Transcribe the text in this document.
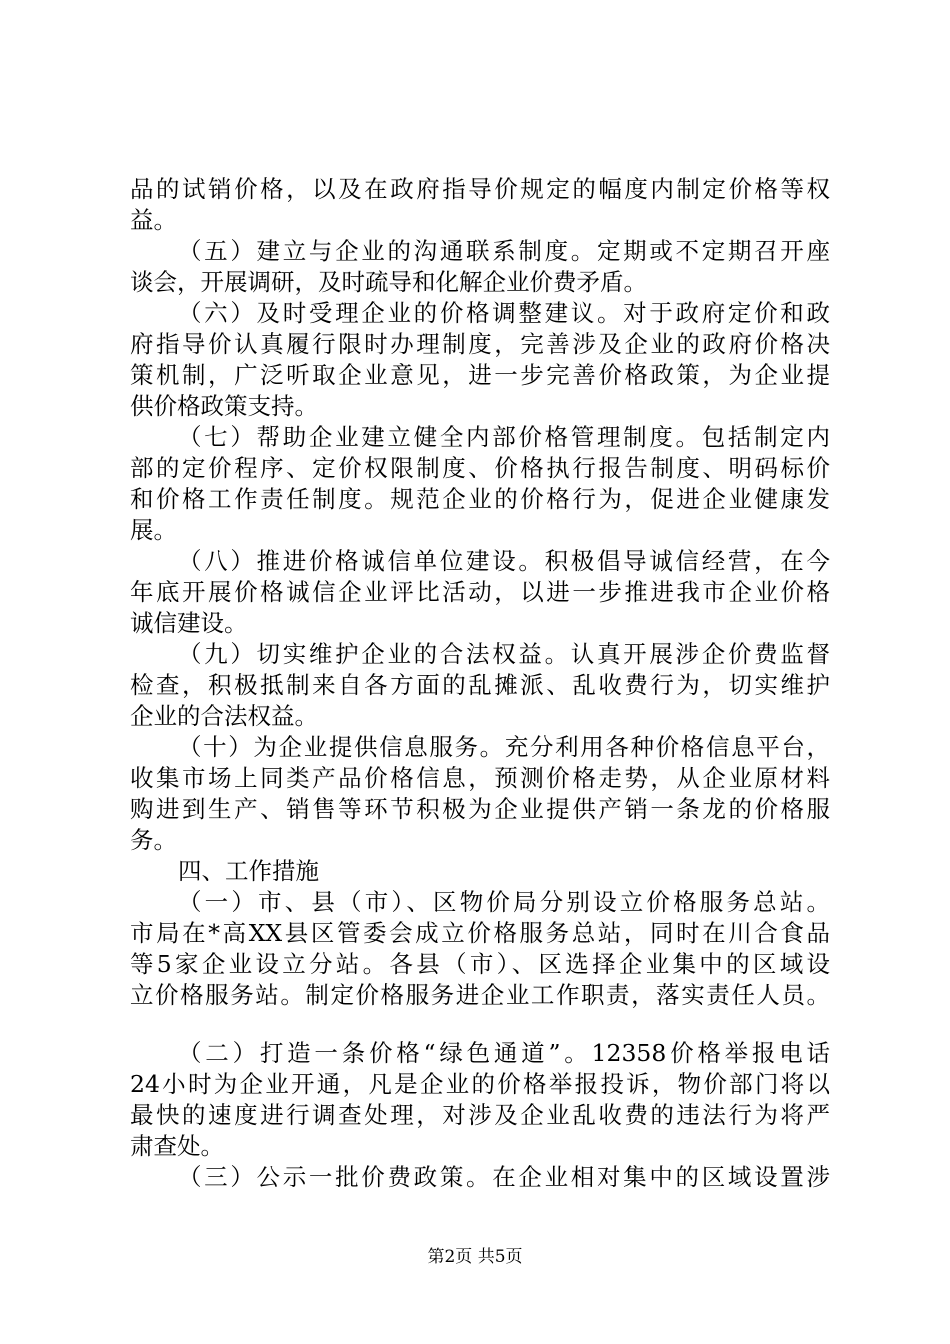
品的试销价格，以及在政府指导价规定的幅度内制定价格等权
益。
（五）建立与企业的沟通联系制度。定期或不定期召开座
谈会，开展调研，及时疏导和化解企业价费矛盾。
（六）及时受理企业的价格调整建议。对于政府定价和政
府指导价认真履行限时办理制度，完善涉及企业的政府价格决
策机制，广泛听取企业意见，进一步完善价格政策，为企业提
供价格政策支持。
（七）帮助企业建立健全内部价格管理制度。包括制定内
部的定价程序、定价权限制度、价格执行报告制度、明码标价
和价格工作责任制度。规范企业的价格行为，促进企业健康发
展。
（八）推进价格诚信单位建设。积极倡导诚信经营，在今
年底开展价格诚信企业评比活动，以进一步推进我市企业价格
诚信建设。
（九）切实维护企业的合法权益。认真开展涉企价费监督
检查，积极抵制来自各方面的乱摊派、乱收费行为，切实维护
企业的合法权益。
（十）为企业提供信息服务。充分利用各种价格信息平台，
收集市场上同类产品价格信息，预测价格走势，从企业原材料
购进到生产、销售等环节积极为企业提供产销一条龙的价格服
务。
四、工作措施
（一）市、县（市）、区物价局分别设立价格服务总站。
市局在*高XX县区管委会成立价格服务总站，同时在川合食品
等5家企业设立分站。各县（市）、区选择企业集中的区域设
立价格服务站。制定价格服务进企业工作职责，落实责任人员。
（二）打造一条价格“绿色通道”。12358价格举报电话
24小时为企业开通，凡是企业的价格举报投诉，物价部门将以
最快的速度进行调查处理，对涉及企业乱收费的违法行为将严
肃查处。
（三）公示一批价费政策。在企业相对集中的区域设置涉
第2页 共5页
